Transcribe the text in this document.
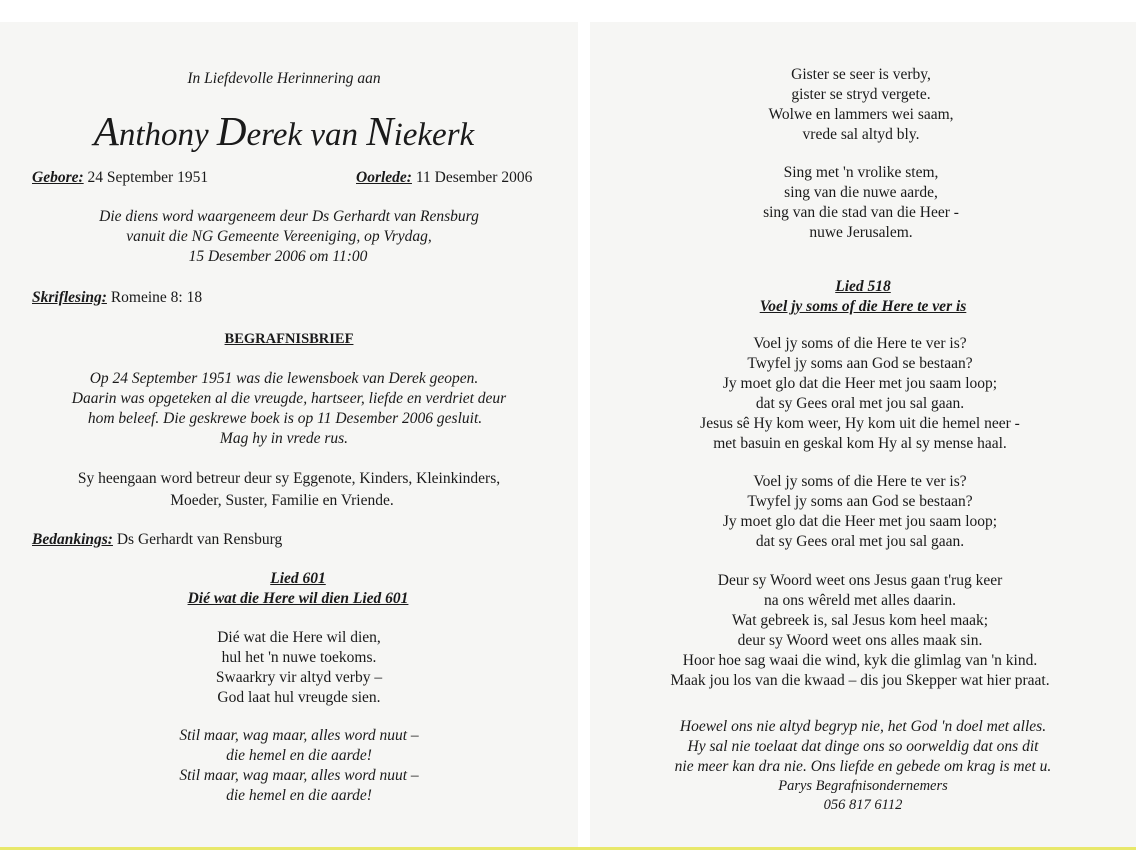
In Liefdevolle Herinnering aan
Anthony Derek van Niekerk
Gebore: 24 September 1951	Oorlede: 11 Desember 2006
Die diens word waargeneem deur Ds Gerhardt van Rensburg
vanuit die NG Gemeente Vereeniging, op Vrydag,
15 Desember 2006 om 11:00
Skriflesing: Romeine 8: 18
BEGRAFNISBRIEF
Op 24 September 1951 was die lewensboek van Derek geopen.
Daarin was opgeteken al die vreugde, hartseer, liefde en verdriet deur
hom beleef. Die geskrewe boek is op 11 Desember 2006 gesluit.
Mag hy in vrede rus.
Sy heengaan word betreur deur sy Eggenote, Kinders, Kleinkinders,
Moeder, Suster, Familie en Vriende.
Bedankings: Ds Gerhardt van Rensburg
Lied 601
Dié wat die Here wil dien Lied 601
Dié wat die Here wil dien,
hul het 'n nuwe toekoms.
Swaarkry vir altyd verby –
God laat hul vreugde sien.
Stil maar, wag maar, alles word nuut –
die hemel en die aarde!
Stil maar, wag maar, alles word nuut –
die hemel en die aarde!
Gister se seer is verby,
gister se stryd vergete.
Wolwe en lammers wei saam,
vrede sal altyd bly.
Sing met 'n vrolike stem,
sing van die nuwe aarde,
sing van die stad van die Heer -
nuwe Jerusalem.
Lied 518
Voel jy soms of die Here te ver is
Voel jy soms of die Here te ver is?
Twyfel jy soms aan God se bestaan?
Jy moet glo dat die Heer met jou saam loop;
dat sy Gees oral met jou sal gaan.
Jesus sê Hy kom weer, Hy kom uit die hemel neer -
met basuin en geskal kom Hy al sy mense haal.
Voel jy soms of die Here te ver is?
Twyfel jy soms aan God se bestaan?
Jy moet glo dat die Heer met jou saam loop;
dat sy Gees oral met jou sal gaan.
Deur sy Woord weet ons Jesus gaan t'rug keer
na ons wêreld met alles daarin.
Wat gebreek is, sal Jesus kom heel maak;
deur sy Woord weet ons alles maak sin.
Hoor hoe sag waai die wind, kyk die glimlag van 'n kind.
Maak jou los van die kwaad – dis jou Skepper wat hier praat.
Hoewel ons nie altyd begryp nie, het God 'n doel met alles.
Hy sal nie toelaat dat dinge ons so oorweldig dat ons dit
nie meer kan dra nie. Ons liefde en gebede om krag is met u.
Parys Begrafnisondernemers
056 817 6112
